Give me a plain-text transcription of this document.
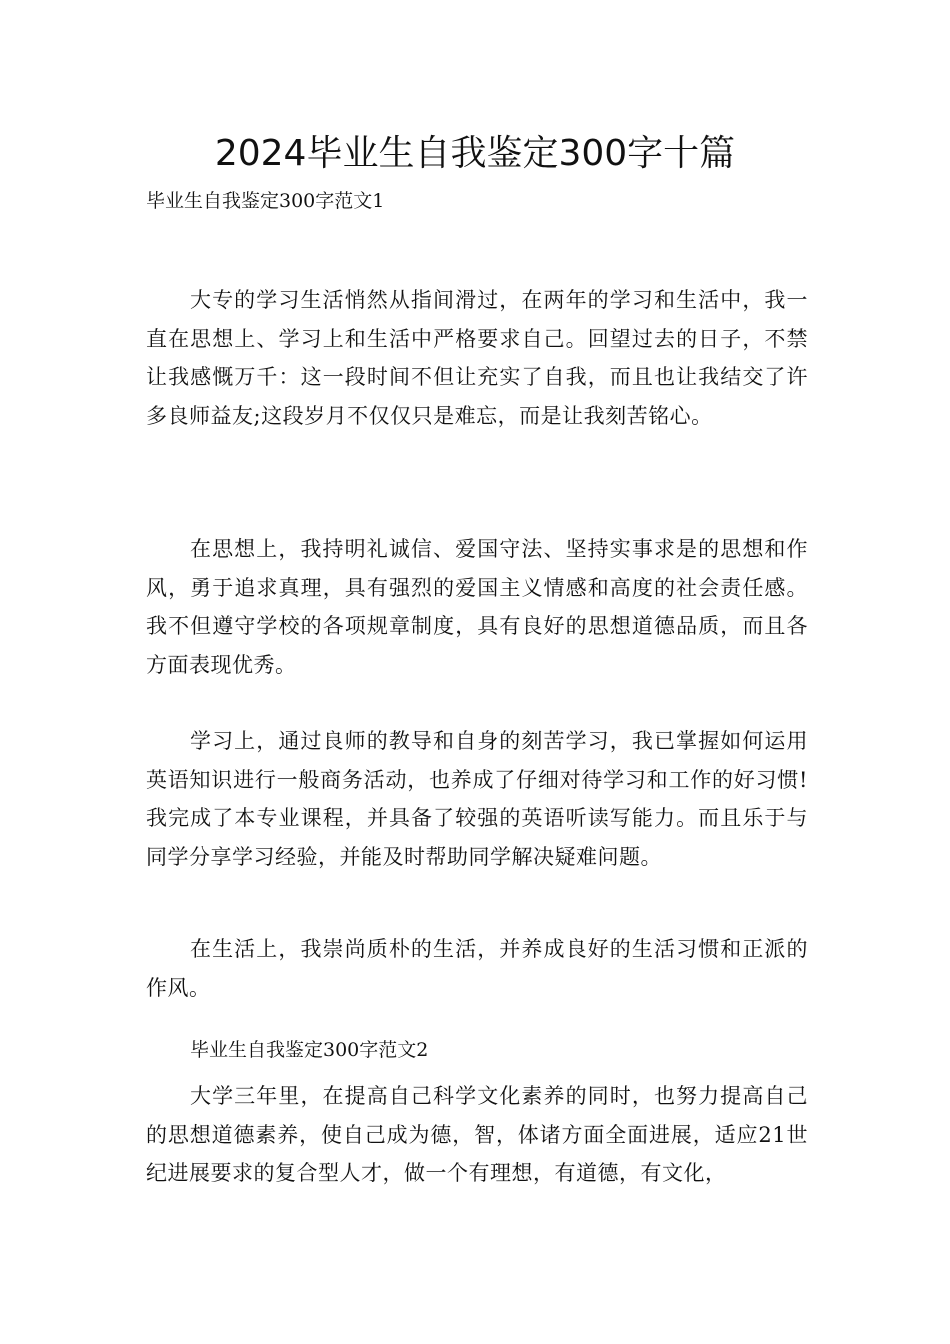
2024毕业生自我鉴定300字十篇
毕业生自我鉴定300字范文1

大专的学习生活悄然从指间滑过，在两年的学习和生活中，我一直在思想上、学习上和生活中严格要求自己。回望过去的日子，不禁让我感慨万千：这一段时间不但让充实了自我，而且也让我结交了许多良师益友;这段岁月不仅仅只是难忘，而是让我刻苦铭心。

在思想上，我持明礼诚信、爱国守法、坚持实事求是的思想和作风，勇于追求真理，具有强烈的爱国主义情感和高度的社会责任感。我不但遵守学校的各项规章制度，具有良好的思想道德品质，而且各方面表现优秀。

学习上，通过良师的教导和自身的刻苦学习，我已掌握如何运用英语知识进行一般商务活动，也养成了仔细对待学习和工作的好习惯!我完成了本专业课程，并具备了较强的英语听读写能力。而且乐于与同学分享学习经验，并能及时帮助同学解决疑难问题。

在生活上，我崇尚质朴的生活，并养成良好的生活习惯和正派的作风。

毕业生自我鉴定300字范文2

大学三年里，在提高自己科学文化素养的同时，也努力提高自己的思想道德素养，使自己成为德，智，体诸方面全面进展，适应21世纪进展要求的复合型人才，做一个有理想，有道德，有文化，
